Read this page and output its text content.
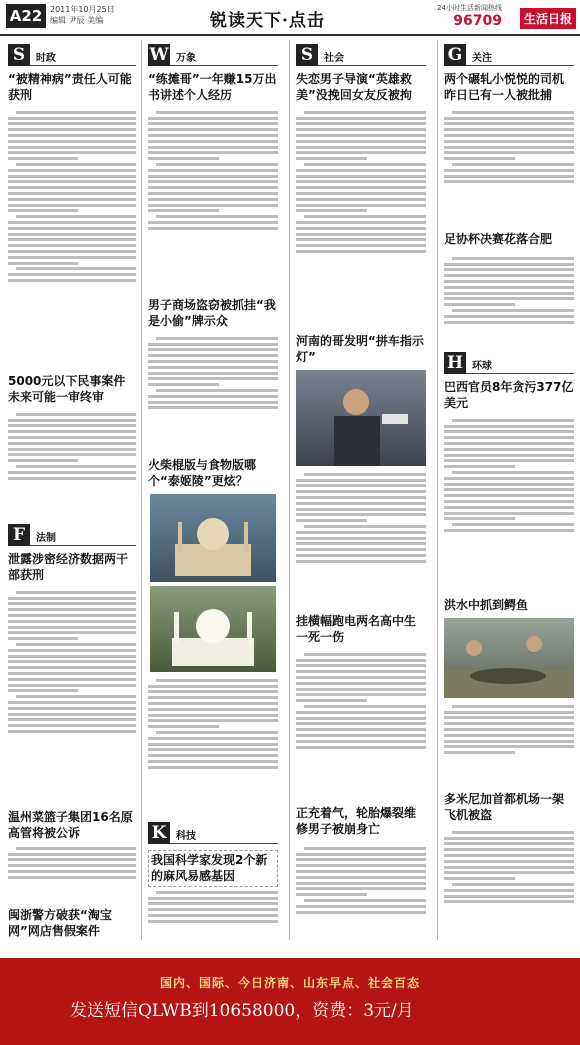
A22 2011年10月25日
编辑 尹辰 美编	锐读天下·点击
24小时生活新闻热线
96709	生活日报
S	时政
“被精神病”责任人可能获刑
5000元以下民事案件未来可能一审终审
F	法制
泄露涉密经济数据两干部获刑
温州菜篮子集团16名原高管将被公诉
闽浙警方破获“淘宝网”网店售假案件
W 万象
“练摊哥”一年赚15万出书讲述个人经历
男子商场盗窃被抓挂“我是小偷”牌示众
火柴棍版与食物版哪个“泰姬陵”更炫？
K 科技
我国科学家发现2个新的麻风易感基因
S	社会
失恋男子导演“英雄救美”没挽回女友反被拘
河南的哥发明“拼车指示灯”
挂横幅跑电两名高中生一死一伤
正充着气，轮胎爆裂维修男子被崩身亡
G 关注
两个碾轧小悦悦的司机昨日已有一人被批捕
足协杯决赛花落合肥
H 环球
巴西官员8年贪污377亿美元
洪水中抓到鳄鱼
多米尼加首都机场一架飞机被盗
国内、国际、今日济南、山东早点、社会百态
发送短信QLWB到10658000，资费：3元/月
